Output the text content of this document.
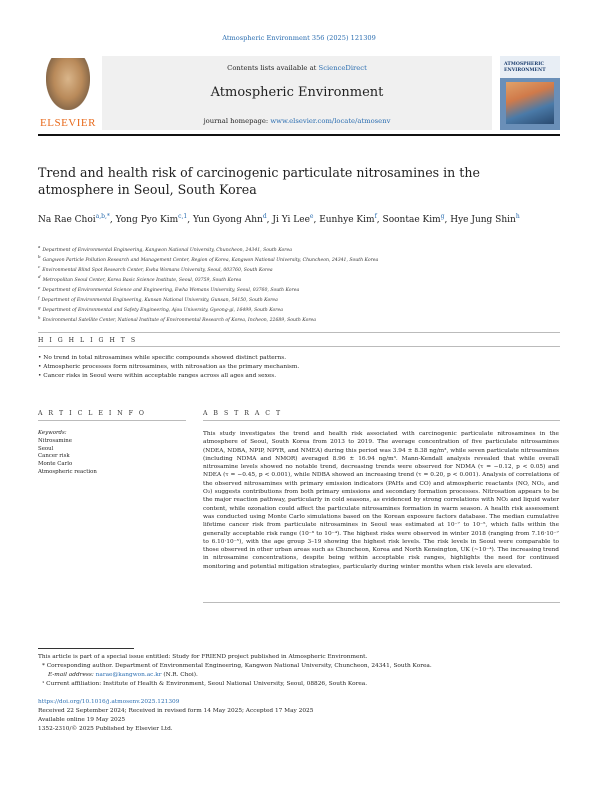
Atmospheric Environment 356 (2025) 121309
ELSEVIER
Contents lists available at ScienceDirect
Atmospheric Environment
journal homepage: www.elsevier.com/locate/atmosenv
ATMOSPHERIC ENVIRONMENT
Trend and health risk of carcinogenic particulate nitrosamines in the atmosphere in Seoul, South Korea
Na Rae Choi$^{a,b,*}$, Yong Pyo Kim$^{c,1}$, Yun Gyong Ahn$^d$, Ji Yi Lee$^e$, Eunhye Kim$^f$, Soontae Kim$^g$, Hye Jung Shin$^h$
$^a$Department of Environmental Engineering, Kangwon National University, Chuncheon, 24341, South Korea
$^b$Gangwon Particle Pollution Research and Management Center, Region of Korea, Kangwon National University, Chuncheon, 24341, South Korea
$^c$Environmental Blind Spot Research Center, Ewha Womans University, Seoul, 003760, South Korea
$^d$Metropolitan Seoul Center, Korea Basic Science Institute, Seoul, 03759, South Korea
$^e$Department of Environmental Science and Engineering, Ewha Womans University, Seoul, 03760, South Korea
$^f$Department of Environmental Engineering, Kunsan National University, Gunsan, 54150, South Korea
$^g$Department of Environmental and Safety Engineering, Ajou University, Gyeong-gi, 16499, South Korea
$^h$Environmental Satellite Center, National Institute of Environmental Research of Korea, Incheon, 22689, South Korea
H I G H L I G H T S
• No trend in total nitrosamines while specific compounds showed distinct patterns.
• Atmospheric processes form nitrosamines, with nitrosation as the primary mechanism.
• Cancer risks in Seoul were within acceptable ranges across all ages and sexes.
A R T I C L E I N F O	A B S T R A C T
Keywords:
Nitrosamine
Seoul
Cancer risk
Monte Carlo
Atmospheric reaction
This study investigates the trend and health risk associated with carcinogenic particulate nitrosamines in the atmosphere of Seoul, South Korea from 2013 to 2019. The average concentration of five particulate nitrosamines (NDEA, NDBA, NPIP, NPYR, and NMEA) during this period was 3.94 ± 8.38 ng/m³, while seven particulate nitrosamines (including NDMA and NMOR) averaged 8.96 ± 16.94 ng/m³. Mann-Kendall analysis revealed that while overall nitrosamine levels showed no notable trend, decreasing trends were observed for NDMA (τ = −0.12, p < 0.05) and NDEA (τ = −0.45, p < 0.001), while NDBA showed an increasing trend (τ = 0.20, p < 0.001). Analysis of correlations of the observed nitrosamines with primary emission indicators (PAHs and CO) and atmospheric reactants (NO, NO₂, and O₃) suggests contributions from both primary emissions and secondary formation processes. Nitrosation appears to be the major reaction pathway, particularly in cold seasons, as evidenced by strong correlations with NO₂ and liquid water content, while ozonation could affect the particulate nitrosamines formation in warm season. A health risk assessment was conducted using Monte Carlo simulations based on the Korean exposure factors database. The median cumulative lifetime cancer risk from particulate nitrosamines in Seoul was estimated at 10⁻⁷ to 10⁻⁵, which falls within the generally acceptable risk range (10⁻⁶ to 10⁻⁴). The highest risks were observed in winter 2018 (ranging from 7.16·10⁻⁷ to 6.10·10⁻⁵), with the age group 3–19 showing the highest risk levels. The risk levels in Seoul were comparable to those observed in other urban areas such as Chuncheon, Korea and North Kensington, UK (~10⁻⁴). The increasing trend in nitrosamine concentrations, despite being within acceptable risk ranges, highlights the need for continued monitoring and potential mitigation strategies, particularly during winter months when risk levels are elevated.
This article is part of a special issue entitled: Study for FRIEND project published in Atmospheric Environment.
* Corresponding author. Department of Environmental Engineering, Kangwon National University, Chuncheon, 24341, South Korea.
E-mail address: narae@kangwon.ac.kr (N.R. Choi).
¹ Current affiliation: Institute of Health & Environment, Seoul National University, Seoul, 08826, South Korea.
https://doi.org/10.1016/j.atmosenv.2025.121309
Received 22 September 2024; Received in revised form 14 May 2025; Accepted 17 May 2025
Available online 19 May 2025
1352-2310/© 2025 Published by Elsevier Ltd.
